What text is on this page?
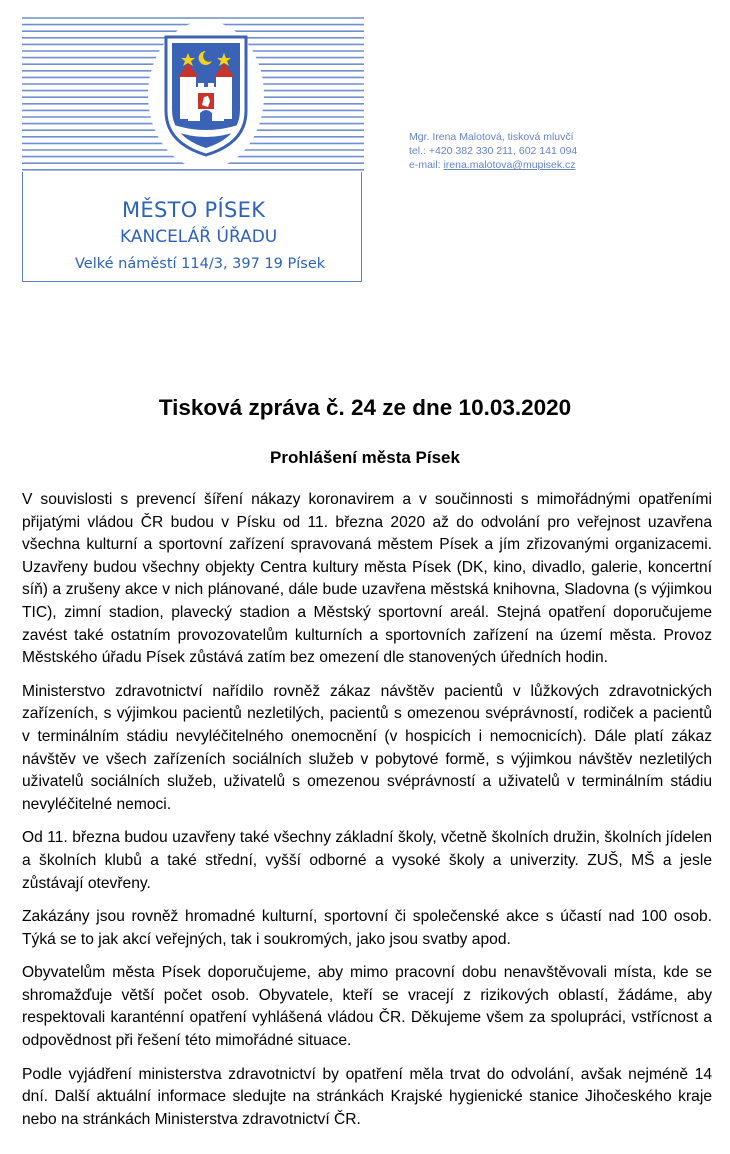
MĚSTO PÍSEK
KANCELÁŘ ÚŘADU
Velké náměstí 114/3, 397 19 Písek
Mgr. Irena Malotová, tisková mluvčí
tel.: +420 382 330 211, 602 141 094
e-mail: irena.malotova@mupisek.cz
Tisková zpráva č. 24 ze dne 10.03.2020
Prohlášení města Písek

V souvislosti s prevencí šíření nákazy koronavirem a v součinnosti s mimořádnými opatřeními přijatými vládou ČR budou v Písku od 11. března 2020 až do odvolání pro veřejnost uzavřena všechna kulturní a sportovní zařízení spravovaná městem Písek a jím zřizovanými organizacemi. Uzavřeny budou všechny objekty Centra kultury města Písek (DK, kino, divadlo, galerie, koncertní síň) a zrušeny akce v nich plánované, dále bude uzavřena městská knihovna, Sladovna (s výjimkou TIC), zimní stadion, plavecký stadion a Městský sportovní areál. Stejná opatření doporučujeme zavést také ostatním provozovatelům kulturních a sportovních zařízení na území města. Provoz Městského úřadu Písek zůstává zatím bez omezení dle stanovených úředních hodin.

Ministerstvo zdravotnictví nařídilo rovněž zákaz návštěv pacientů v lůžkových zdravotnických zařízeních, s výjimkou pacientů nezletilých, pacientů s omezenou svéprávností, rodiček a pacientů v terminálním stádiu nevyléčitelného onemocnění (v hospicích i nemocnicích). Dále platí zákaz návštěv ve všech zařízeních sociálních služeb v pobytové formě, s výjimkou návštěv nezletilých uživatelů sociálních služeb, uživatelů s omezenou svéprávností a uživatelů v terminálním stádiu nevyléčitelné nemoci.

Od 11. března budou uzavřeny také všechny základní školy, včetně školních družin, školních jídelen a školních klubů a také střední, vyšší odborné a vysoké školy a univerzity. ZUŠ, MŠ a jesle zůstávají otevřeny.

Zakázány jsou rovněž hromadné kulturní, sportovní či společenské akce s účastí nad 100 osob. Týká se to jak akcí veřejných, tak i soukromých, jako jsou svatby apod.

Obyvatelům města Písek doporučujeme, aby mimo pracovní dobu nenavštěvovali místa, kde se shromažďuje větší počet osob. Obyvatele, kteří se vracejí z rizikových oblastí, žádáme, aby respektovali karanténní opatření vyhlášená vládou ČR. Děkujeme všem za spolupráci, vstřícnost a odpovědnost při řešení této mimořádné situace.

Podle vyjádření ministerstva zdravotnictví by opatření měla trvat do odvolání, avšak nejméně 14 dní. Další aktuální informace sledujte na stránkách Krajské hygienické stanice Jihočeského kraje nebo na stránkách Ministerstva zdravotnictví ČR.
